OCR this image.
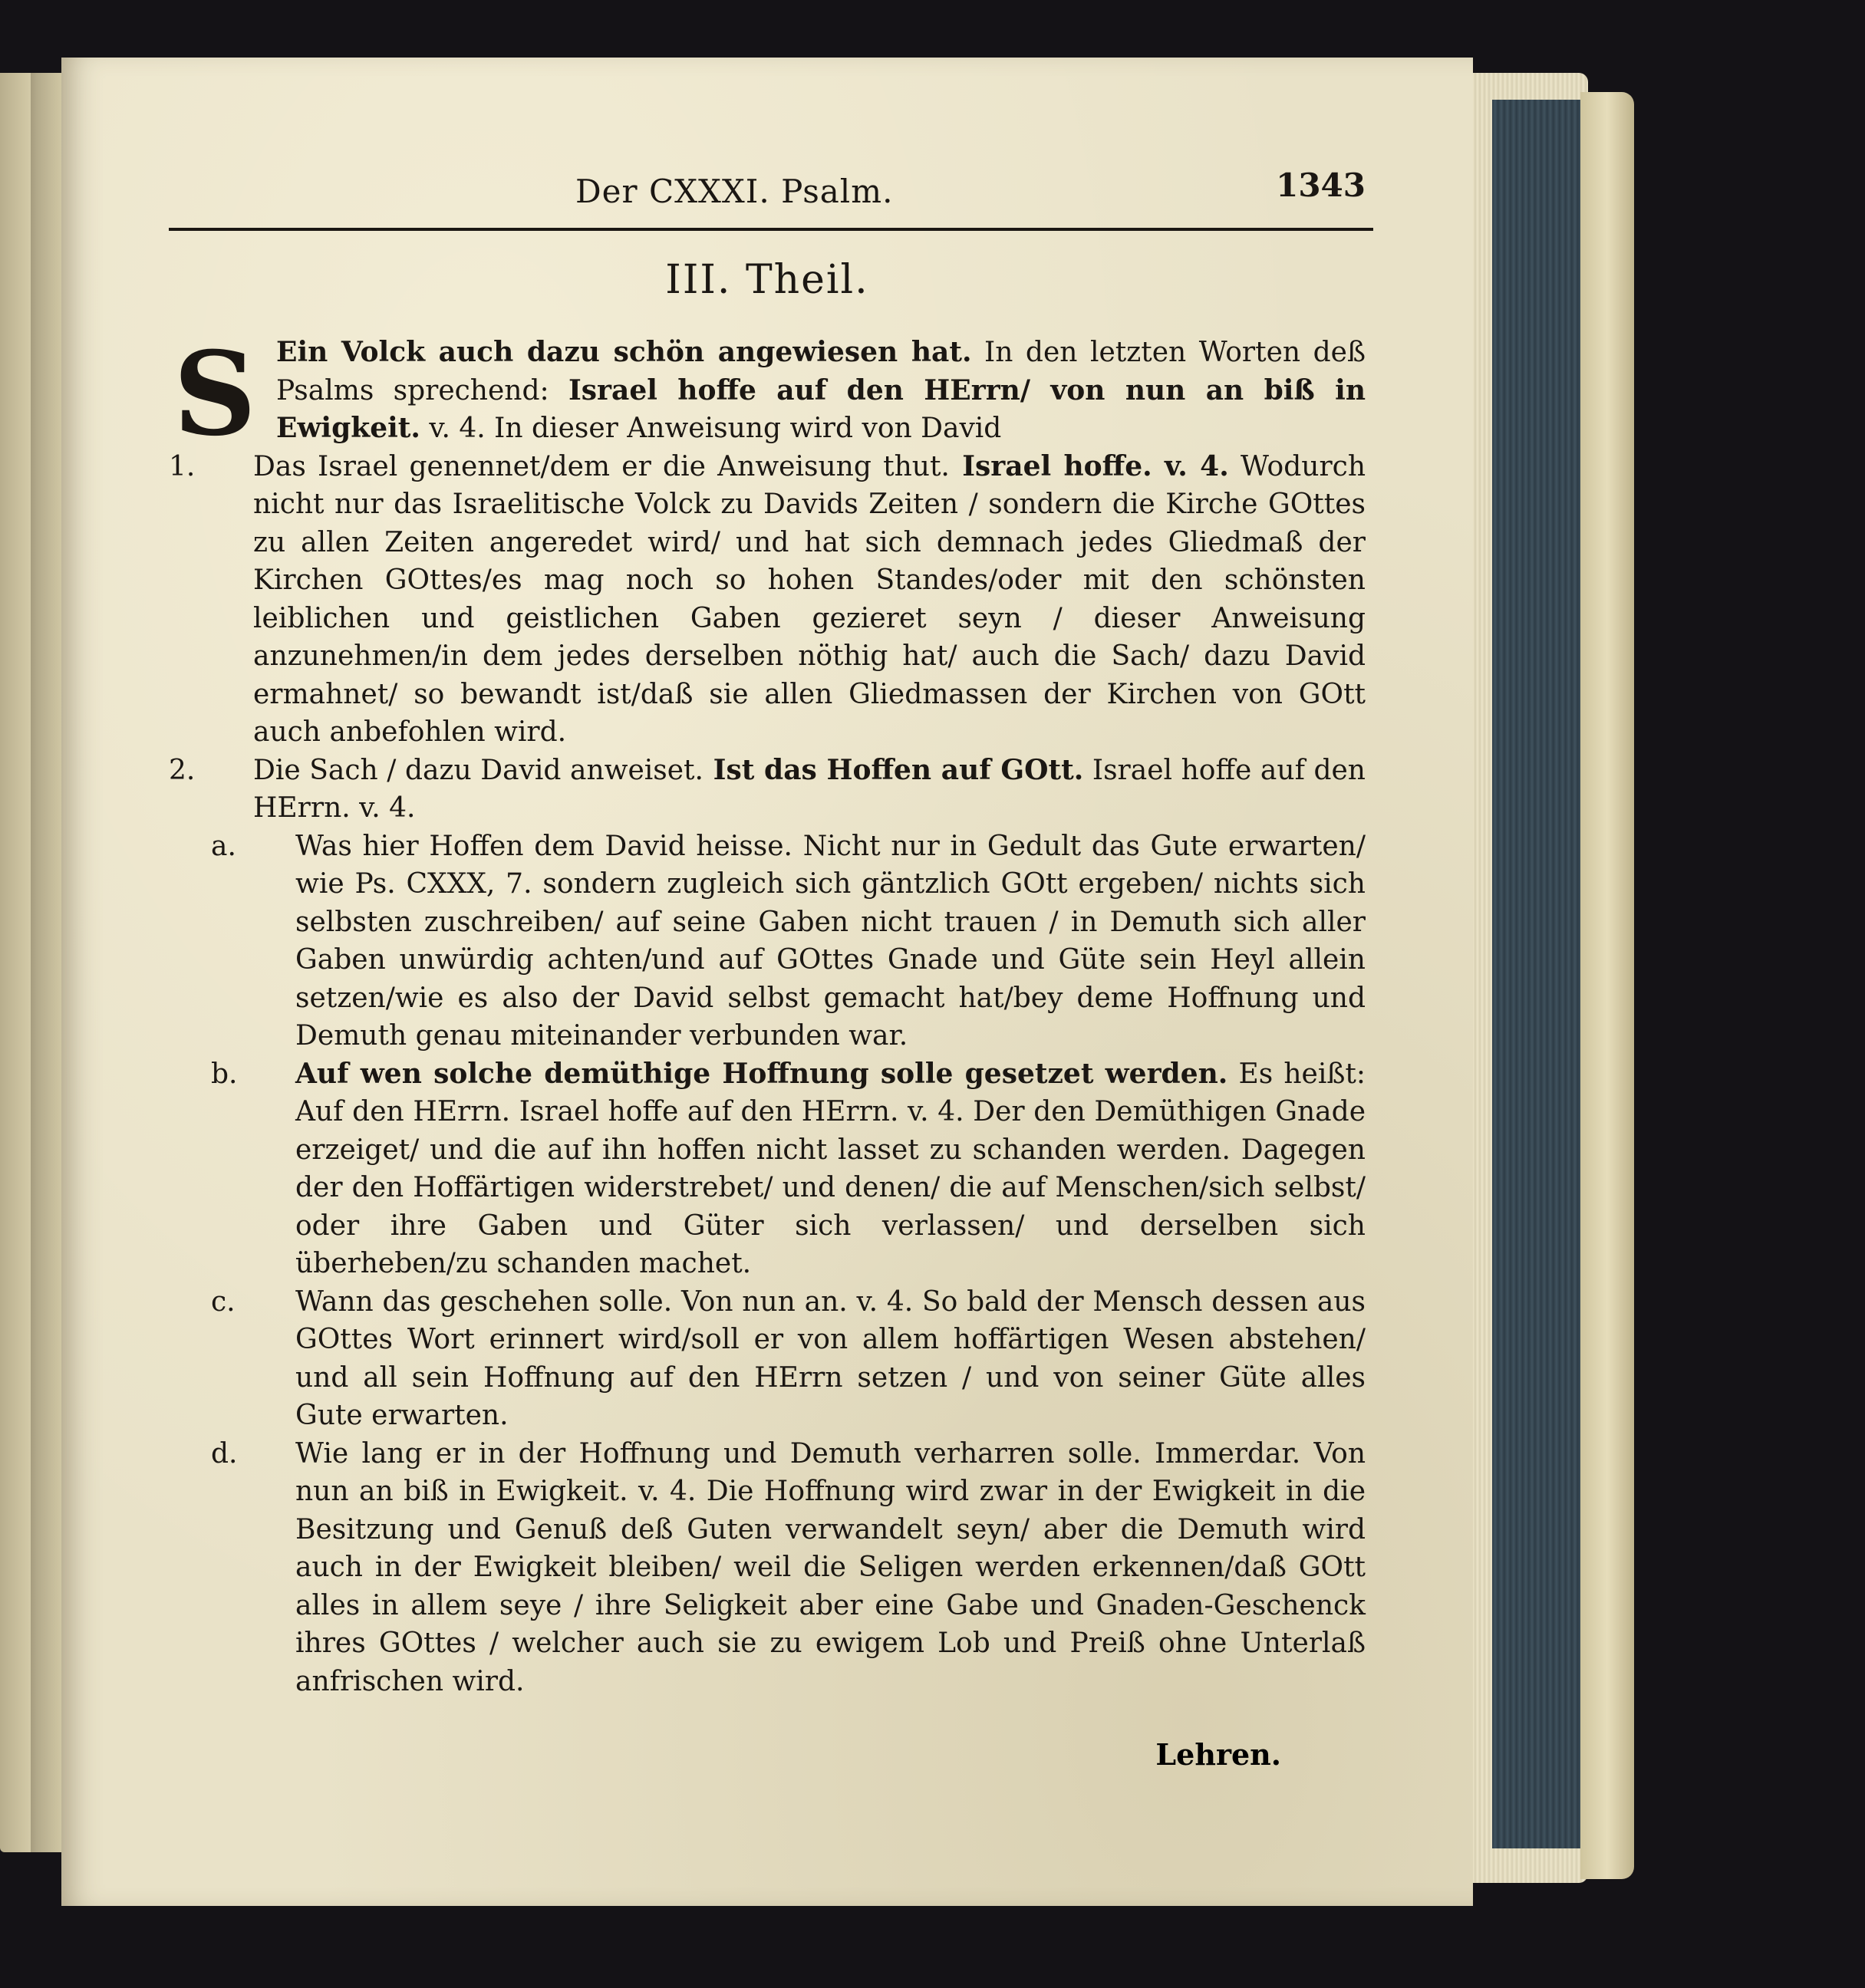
Der CXXXI. Psalm.	1343
III. Theil.
S Ein Volck auch dazu schön angewiesen hat. In den letzten Worten deß Psalms sprechend: Israel hoffe auf den HErrn/ von nun an biß in Ewigkeit. v. 4. In dieser Anweisung wird von David
1. Das Israel genennet/dem er die Anweisung thut. Israel hoffe. v. 4. Wodurch nicht nur das Israelitische Volck zu Davids Zeiten / sondern die Kirche GOttes zu allen Zeiten angeredet wird/ und hat sich demnach jedes Gliedmaß der Kirchen GOttes/es mag noch so hohen Standes/oder mit den schönsten leiblichen und geistlichen Gaben gezieret seyn / dieser Anweisung anzunehmen/in dem jedes derselben nöthig hat/ auch die Sach/ dazu David ermahnet/ so bewandt ist/daß sie allen Gliedmassen der Kirchen von GOtt auch anbefohlen wird.
2. Die Sach / dazu David anweiset. Ist das Hoffen auf GOtt. Israel hoffe auf den HErrn. v. 4.
a. Was hier Hoffen dem David heisse. Nicht nur in Gedult das Gute erwarten/ wie Ps. CXXX, 7. sondern zugleich sich gäntzlich GOtt ergeben/ nichts sich selbsten zuschreiben/ auf seine Gaben nicht trauen / in Demuth sich aller Gaben unwürdig achten/und auf GOttes Gnade und Güte sein Heyl allein setzen/wie es also der David selbst gemacht hat/bey deme Hoffnung und Demuth genau miteinander verbunden war.
b. Auf wen solche demüthige Hoffnung solle gesetzet werden. Es heißt: Auf den HErrn. Israel hoffe auf den HErrn. v. 4. Der den Demüthigen Gnade erzeiget/ und die auf ihn hoffen nicht lasset zu schanden werden. Dagegen der den Hoffärtigen widerstrebet/ und denen/ die auf Menschen/sich selbst/ oder ihre Gaben und Güter sich verlassen/ und derselben sich überheben/zu schanden machet.
c. Wann das geschehen solle. Von nun an. v. 4. So bald der Mensch dessen aus GOttes Wort erinnert wird/soll er von allem hoffärtigen Wesen abstehen/ und all sein Hoffnung auf den HErrn setzen / und von seiner Güte alles Gute erwarten.
d. Wie lang er in der Hoffnung und Demuth verharren solle. Immerdar. Von nun an biß in Ewigkeit. v. 4. Die Hoffnung wird zwar in der Ewigkeit in die Besitzung und Genuß deß Guten verwandelt seyn/ aber die Demuth wird auch in der Ewigkeit bleiben/ weil die Seligen werden erkennen/daß GOtt alles in allem seye / ihre Seligkeit aber eine Gabe und Gnaden-Geschenck ihres GOttes / welcher auch sie zu ewigem Lob und Preiß ohne Unterlaß anfrischen wird.
Lehren.
